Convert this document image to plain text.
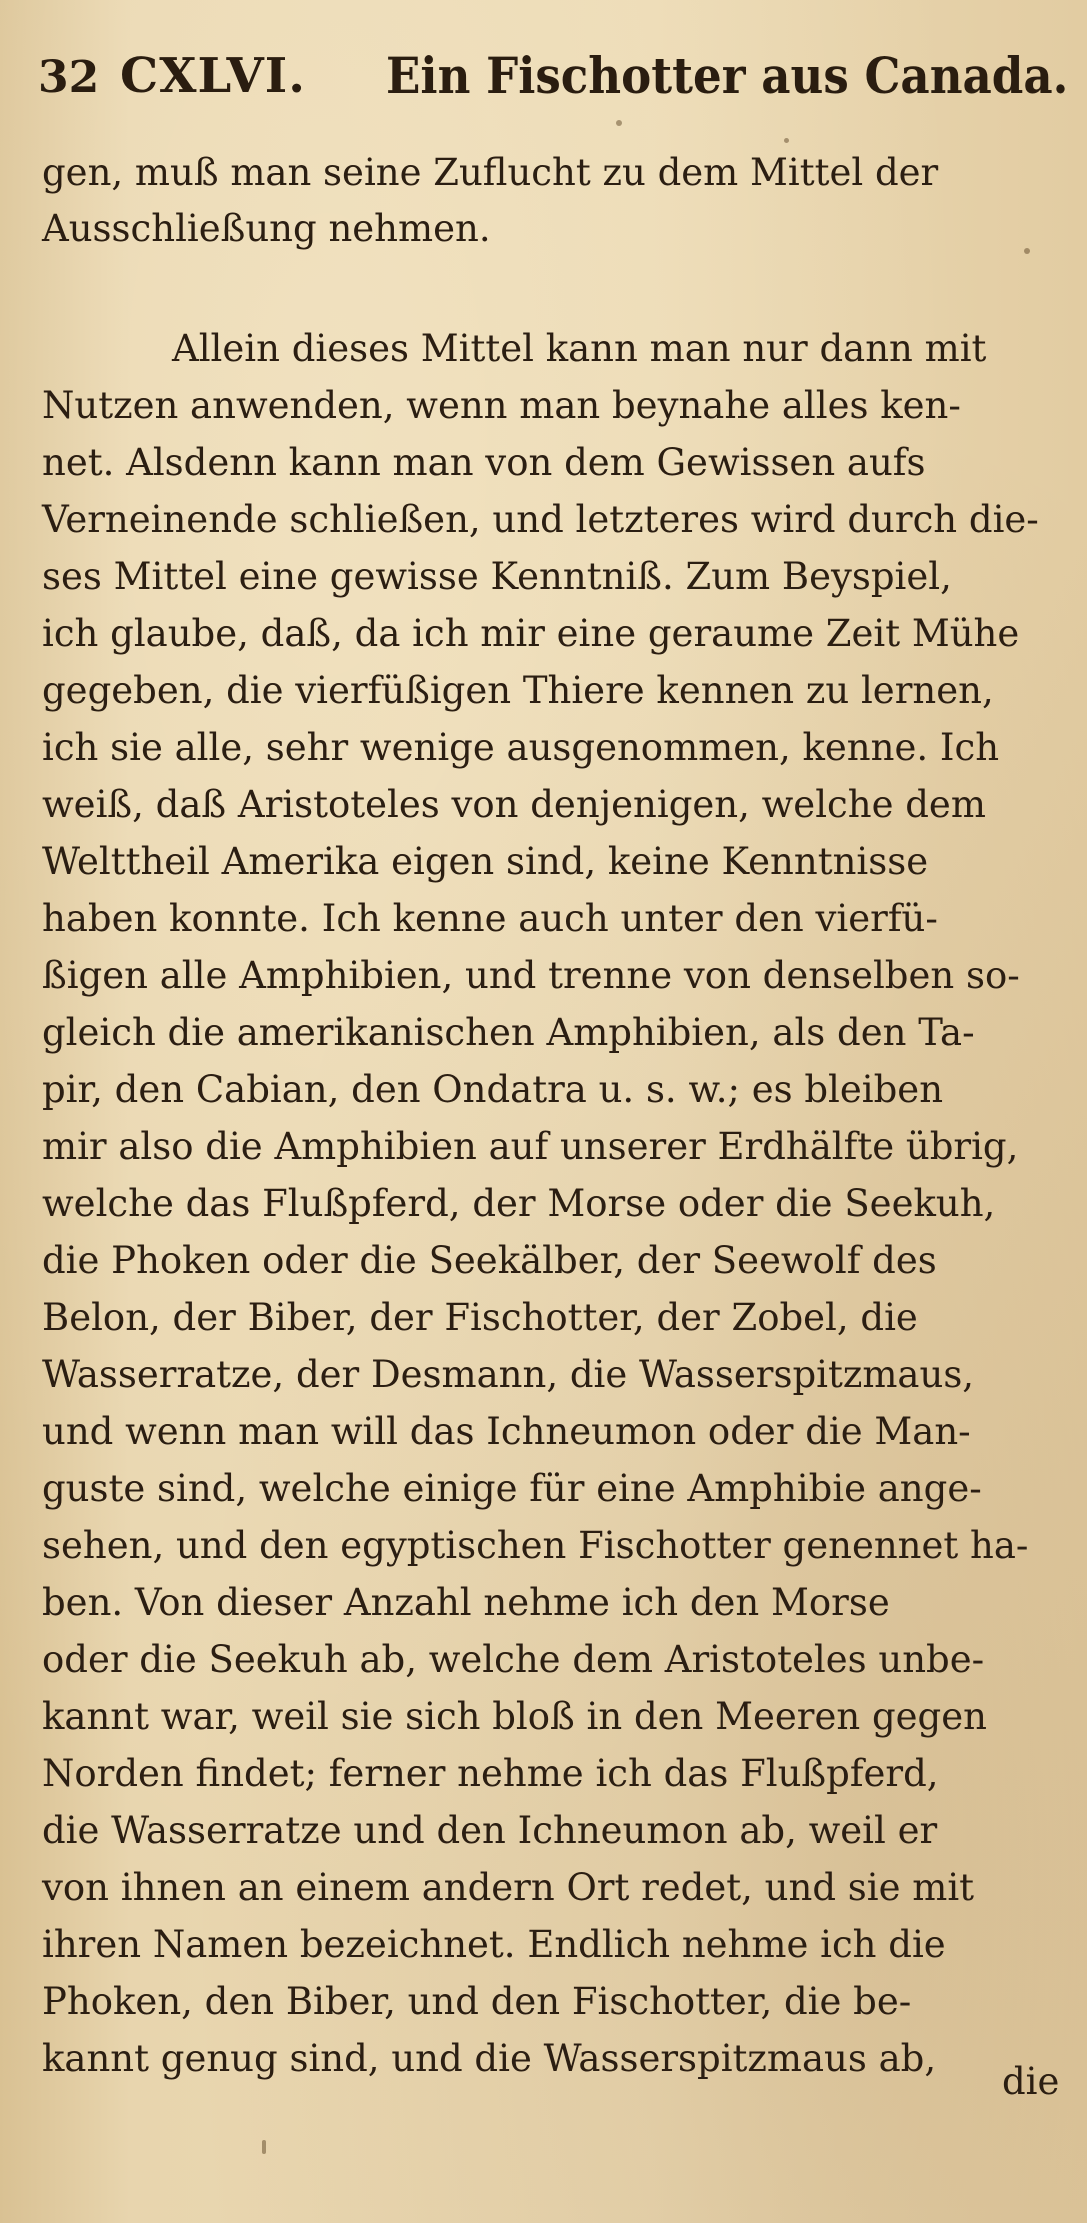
32 CXLVI. Ein Fischotter aus Canada.
gen, muß man seine Zuflucht zu dem Mittel der
Ausschließung nehmen.
Allein dieses Mittel kann man nur dann mit
Nutzen anwenden, wenn man beynahe alles ken-
net. Alsdenn kann man von dem Gewissen aufs
Verneinende schließen, und letzteres wird durch die-
ses Mittel eine gewisse Kenntniß. Zum Beyspiel,
ich glaube, daß, da ich mir eine geraume Zeit Mühe
gegeben, die vierfüßigen Thiere kennen zu lernen,
ich sie alle, sehr wenige ausgenommen, kenne. Ich
weiß, daß Aristoteles von denjenigen, welche dem
Welttheil Amerika eigen sind, keine Kenntnisse
haben konnte. Ich kenne auch unter den vierfü-
ßigen alle Amphibien, und trenne von denselben so-
gleich die amerikanischen Amphibien, als den Ta-
pir, den Cabian, den Ondatra u. s. w.; es bleiben
mir also die Amphibien auf unserer Erdhälfte übrig,
welche das Flußpferd, der Morse oder die Seekuh,
die Phoken oder die Seekälber, der Seewolf des
Belon, der Biber, der Fischotter, der Zobel, die
Wasserratze, der Desmann, die Wasserspitzmaus,
und wenn man will das Ichneumon oder die Man-
guste sind, welche einige für eine Amphibie ange-
sehen, und den egyptischen Fischotter genennet ha-
ben. Von dieser Anzahl nehme ich den Morse
oder die Seekuh ab, welche dem Aristoteles unbe-
kannt war, weil sie sich bloß in den Meeren gegen
Norden findet; ferner nehme ich das Flußpferd,
die Wasserratze und den Ichneumon ab, weil er
von ihnen an einem andern Ort redet, und sie mit
ihren Namen bezeichnet. Endlich nehme ich die
Phoken, den Biber, und den Fischotter, die be-
kannt genug sind, und die Wasserspitzmaus ab,
die
